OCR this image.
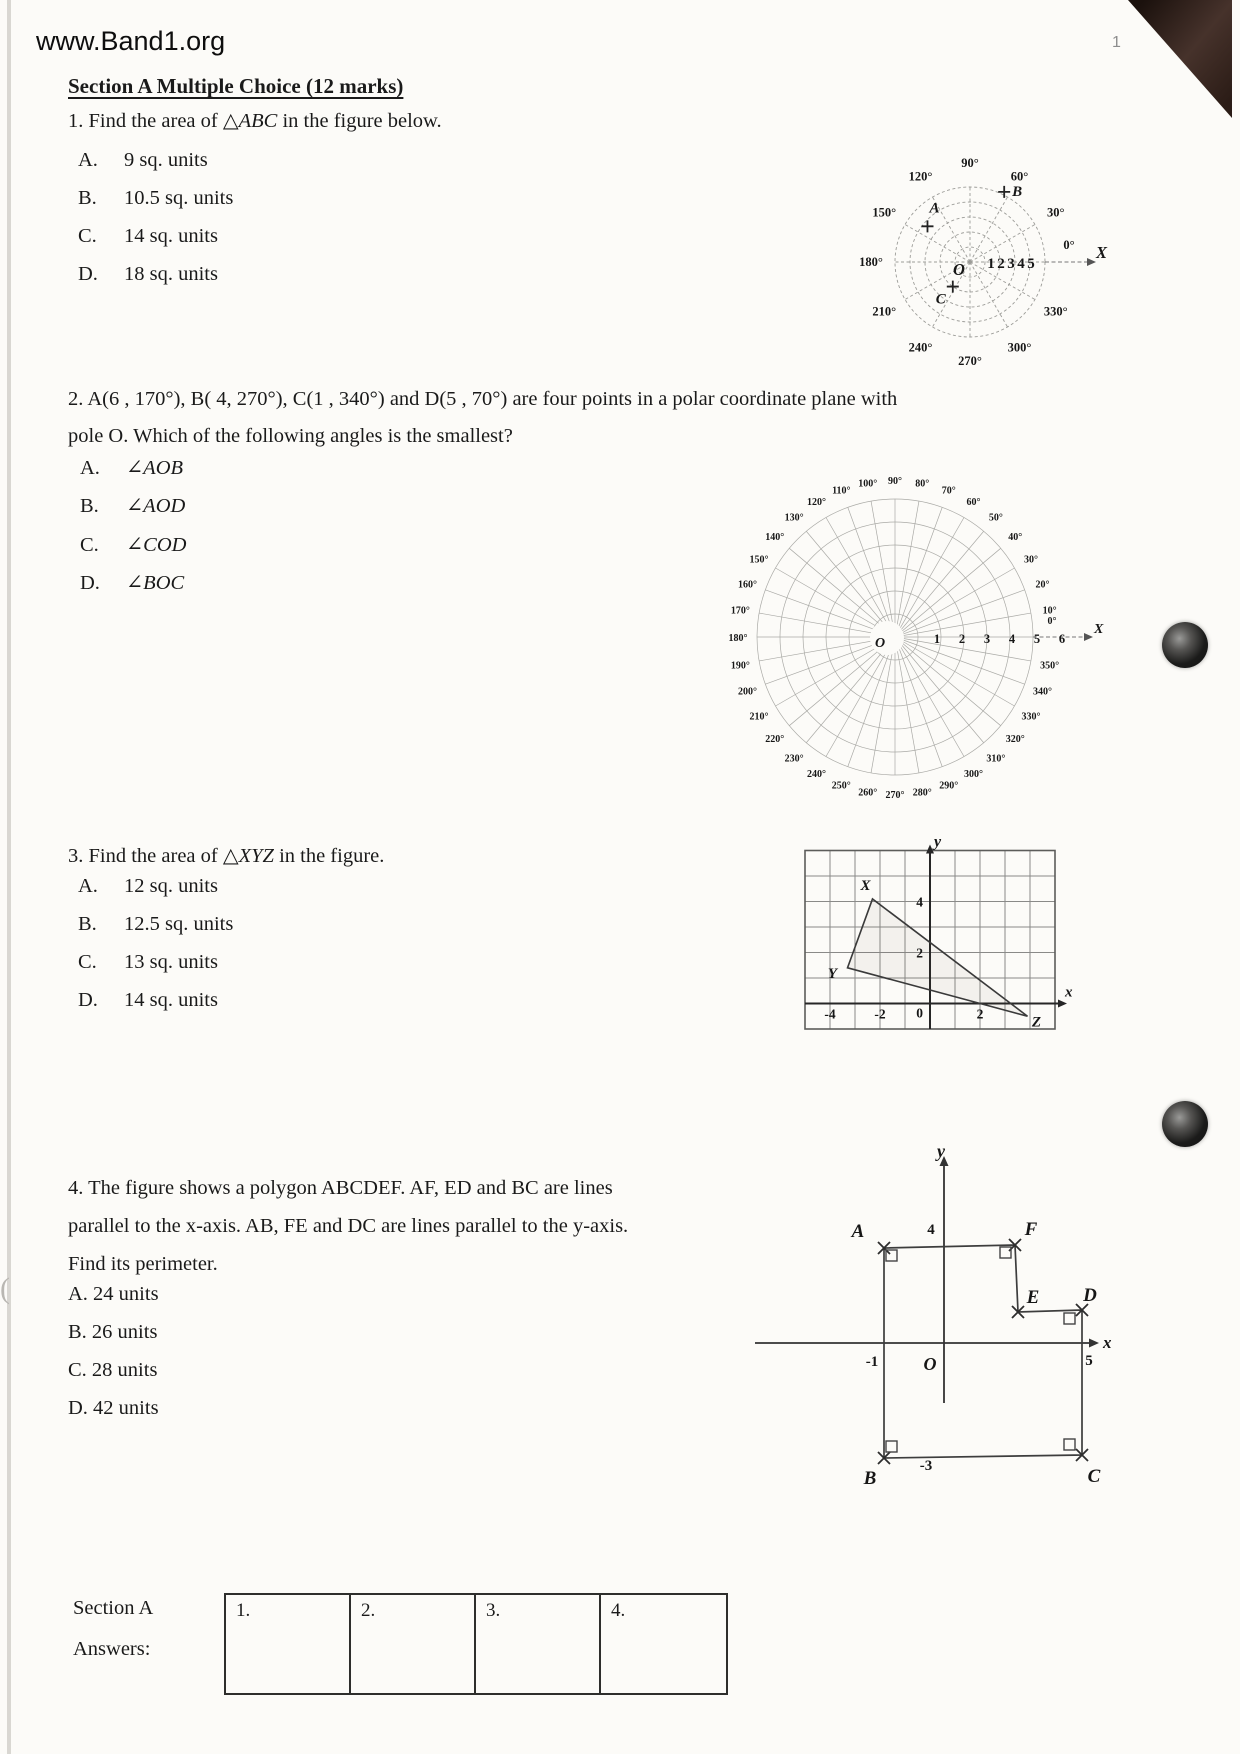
(
www.Band1.org	1
Section A Multiple Choice (12 marks)
1. Find the area of △ABC in the figure below.
A. 9 sq. units
B. 10.5 sq. units
C. 14 sq. units
D. 18 sq. units
0°
30°
60°
90°
120°
150°
180°
210°
240°
270°
300°
330°
X
1 2 3 4 5
O
A
B
C
2. A(6 , 170°), B( 4, 270°), C(1 , 340°) and D(5 , 70°) are four points in a polar coordinate plane with
pole O. Which of the following angles is the smallest?
A. ∠AOB
B. ∠AOD
C. ∠COD
D. ∠BOC
0°
10°
20°
30°
40°
50°
60°
70°
80°
90°
100°
110°
120°
130°
140°
150°
160°
170°
180°
190°
200°
210°
220°
230°
240°
250°
260° 270° 280°
290°
300°
310°
320°
330°
340°
350°
X
1 2 3 4 5 6
O
3. Find the area of △XYZ in the figure.
A. 12 sq. units
B. 12.5 sq. units
C. 13 sq. units
D. 14 sq. units
y
x
4
-4	-2 0	2
X
Y
Z
4. The figure shows a polygon ABCDEF. AF, ED and BC are lines
parallel to the x-axis. AB, FE and DC are lines parallel to the y-axis.
Find its perimeter.
A. 24 units
B. 26 units
C. 28 units
D. 42 units
x
y
A
B	C
D
E
F
4
-1	5
-3
O
Section A
Answers:
1.	2.	3.	4.
